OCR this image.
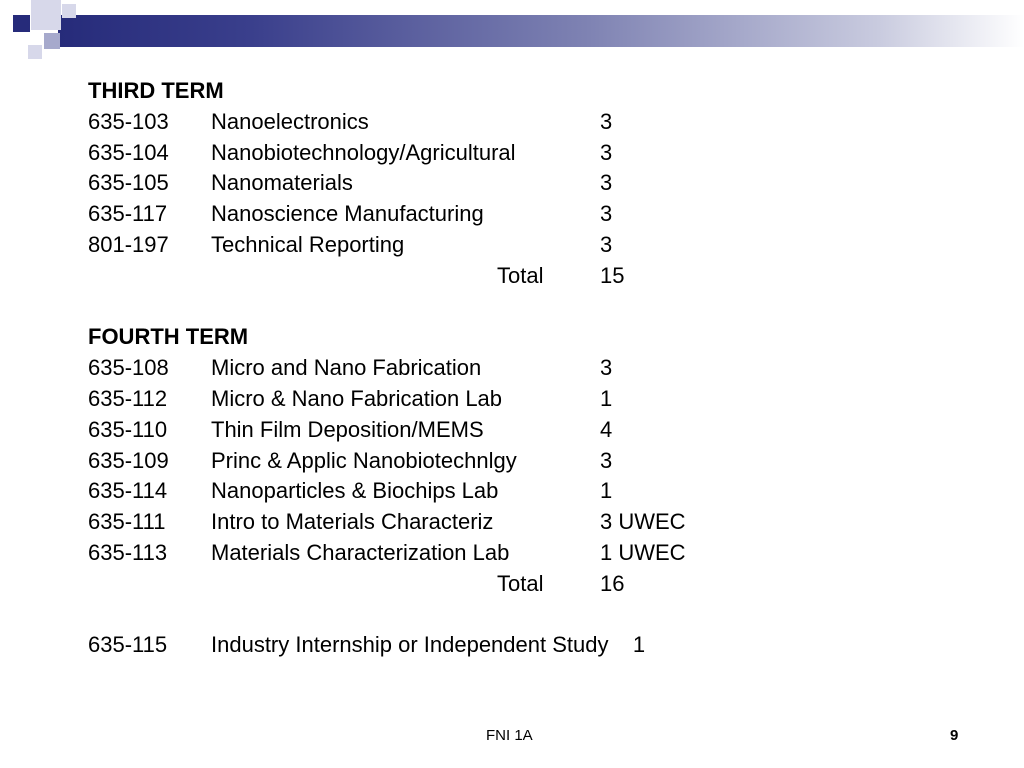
THIRD TERM
635-103 Nanoelectronics	3
635-104 Nanobiotechnology/Agricultural	3
635-105 Nanomaterials	3
635-117 Nanoscience Manufacturing	3
801-197 Technical Reporting	3
Total	15
FOURTH TERM
635-108 Micro and Nano Fabrication	3
635-112 Micro & Nano Fabrication Lab	1
635-110 Thin Film Deposition/MEMS	4
635-109 Princ & Applic Nanobiotechnlgy	3
635-114 Nanoparticles & Biochips Lab	1
635-111 Intro to Materials Characteriz	3 UWEC
635-113 Materials Characterization Lab	1 UWEC
Total	16
635-115 Industry Internship or Independent Study    1
FNI 1A	9
